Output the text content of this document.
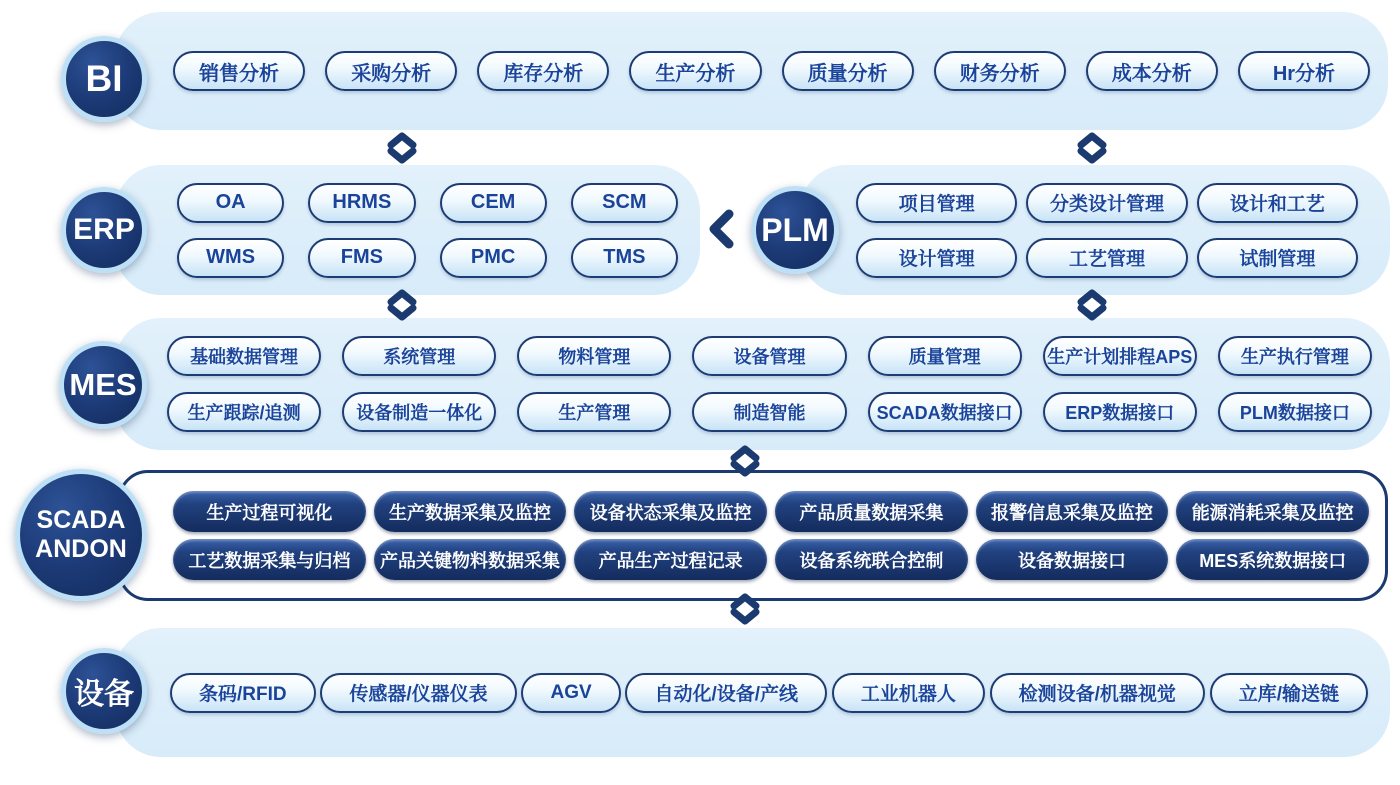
销售分析	采购分析	库存分析	生产分析	质量分析	财务分析	成本分析	Hr分析
BI
OA	HRMS	CEM	SCM
WMS	FMS	PMC	TMS
ERP
项目管理	分类设计管理	设计和工艺
设计管理	工艺管理	试制管理
PLM
基础数据管理	系统管理	物料管理	设备管理	质量管理	生产计划排程APS	生产执行管理
生产跟踪/追测	设备制造一体化	生产管理	制造智能	SCADA数据接口	ERP数据接口	PLM数据接口
MES
生产过程可视化	生产数据采集及监控	设备状态采集及监控	产品质量数据采集	报警信息采集及监控	能源消耗采集及监控
工艺数据采集与归档	产品关键物料数据采集	产品生产过程记录	设备系统联合控制	设备数据接口	MES系统数据接口
SCADA
ANDON
条码/RFID	传感器/仪器仪表	AGV	自动化/设备/产线	工业机器人	检测设备/机器视觉	立库/输送链
设备
